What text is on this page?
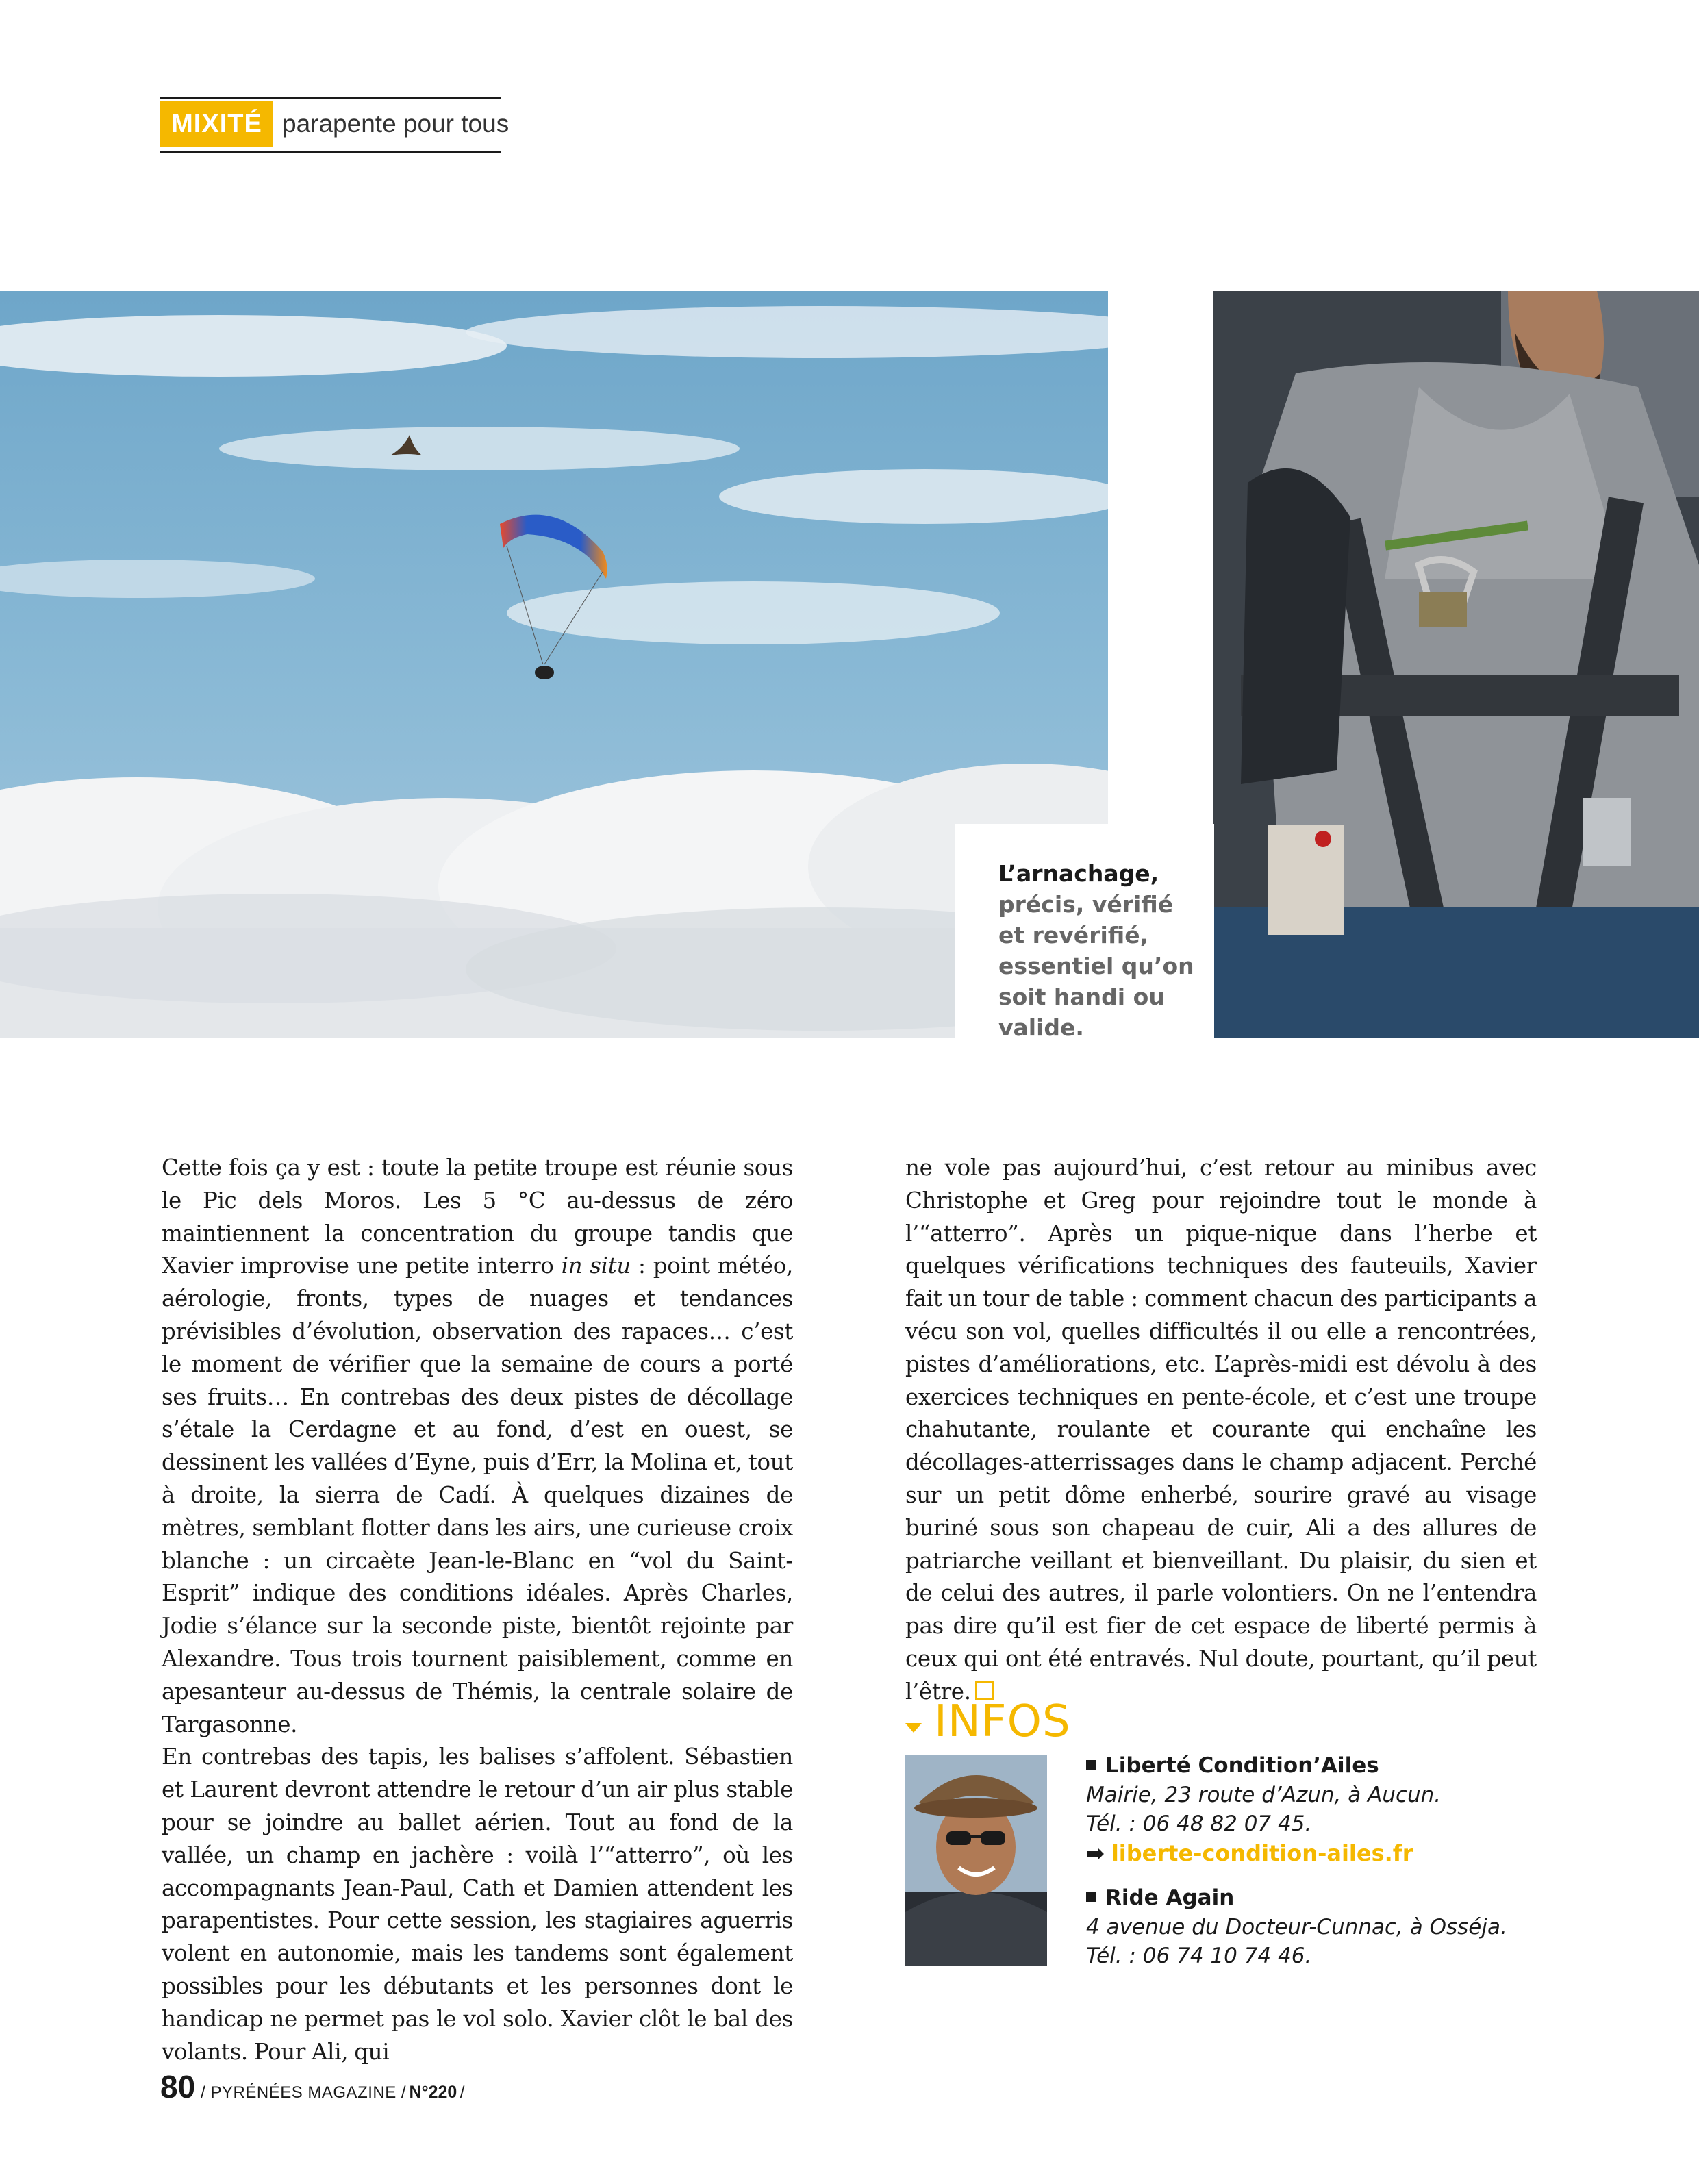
MIXITÉ parapente pour tous
L’arnachage, précis, vérifié et revérifié, essentiel qu’on soit handi ou valide.

Cette fois ça y est : toute la petite troupe est réunie sous le Pic dels Moros. Les 5 °C au-dessus de zéro maintiennent la concentration du groupe tandis que Xavier improvise une petite interro in situ : point météo, aérologie, fronts, types de nuages et tendances prévisibles d’évolution, observation des rapaces… c’est le moment de vérifier que la semaine de cours a porté ses fruits… En contrebas des deux pistes de décollage s’étale la Cerdagne et au fond, d’est en ouest, se dessinent les vallées d’Eyne, puis d’Err, la Molina et, tout à droite, la sierra de Cadí. À quelques dizaines de mètres, semblant flotter dans les airs, une curieuse croix blanche : un circaète Jean-le-Blanc en “vol du Saint-Esprit” indique des conditions idéales. Après Charles, Jodie s’élance sur la seconde piste, bientôt rejointe par Alexandre. Tous trois tournent paisiblement, comme en apesanteur au-dessus de Thémis, la centrale solaire de Targasonne.

En contrebas des tapis, les balises s’affolent. Sébastien et Laurent devront attendre le retour d’un air plus stable pour se joindre au ballet aérien. Tout au fond de la vallée, un champ en jachère : voilà l’“atterro”, où les accompagnants Jean-Paul, Cath et Damien attendent les parapentistes. Pour cette session, les stagiaires aguerris volent en autonomie, mais les tandems sont également possibles pour les débutants et les personnes dont le handicap ne permet pas le vol solo. Xavier clôt le bal des volants. Pour Ali, qui

ne vole pas aujourd’hui, c’est retour au minibus avec Christophe et Greg pour rejoindre tout le monde à l’“atterro”. Après un pique-nique dans l’herbe et quelques vérifications techniques des fauteuils, Xavier fait un tour de table : comment chacun des participants a vécu son vol, quelles difficultés il ou elle a rencontrées, pistes d’améliorations, etc. L’après-midi est dévolu à des exercices techniques en pente-école, et c’est une troupe chahutante, roulante et courante qui enchaîne les décollages-atterrissages dans le champ adjacent. Perché sur un petit dôme enherbé, sourire gravé au visage buriné sous son chapeau de cuir, Ali a des allures de patriarche veillant et bienveillant. Du plaisir, du sien et de celui des autres, il parle volontiers. On ne l’entendra pas dire qu’il est fier de cet espace de liberté permis à ceux qui ont été entravés. Nul doute, pourtant, qu’il peut l’être.

INFOS
Liberté Condition’Ailes
Mairie, 23 route d’Azun, à Aucun.
Tél. : 06 48 82 07 45.
➡ liberte-condition-ailes.fr
Ride Again
4 avenue du Docteur-Cunnac, à Osséja.
Tél. : 06 74 10 74 46.
80 / PYRÉNÉES MAGAZINE /
N°220
/
